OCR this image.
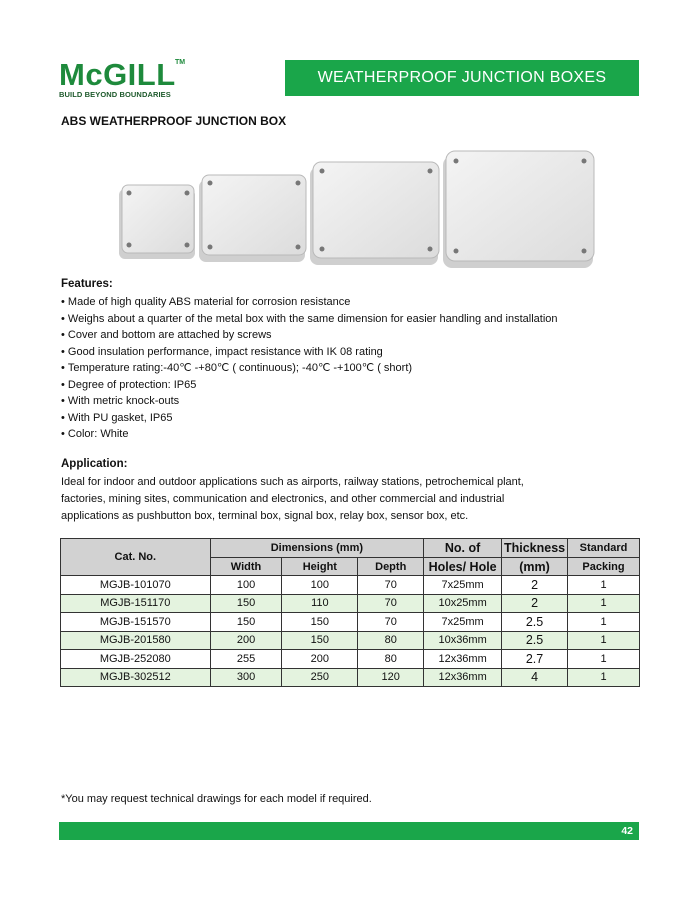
McGILL TM
BUILD BEYOND BOUNDARIES
WEATHERPROOF JUNCTION BOXES
ABS WEATHERPROOF JUNCTION BOX
Features:
• Made of high quality ABS material for corrosion resistance
• Weighs about a quarter of the metal box with the same dimension for easier handling and installation
• Cover and bottom are attached by screws
• Good insulation performance, impact resistance with IK 08 rating
• Temperature rating:-40℃ -+80℃ ( continuous); -40℃ -+100℃ ( short)
• Degree of protection: IP65
• With metric knock-outs
• With PU gasket, IP65
• Color: White
Application:
Ideal for indoor and outdoor applications such as airports, railway stations, petrochemical plant,
factories, mining sites, communication and electronics, and other commercial and industrial
applications as pushbutton box, terminal box, signal box, relay box, sensor box, etc.
Cat. No.	Dimensions (mm)			No. of	Thickness	Standard
	Width	Height	Depth	Holes/ Hole	(mm)	Packing
MGJB-101070	100	100	70	7x25mm	2	1
MGJB-151170	150	110	70	10x25mm	2	1
MGJB-151570	150	150	70	7x25mm	2.5	1
MGJB-201580	200	150	80	10x36mm	2.5	1
MGJB-252080	255	200	80	12x36mm	2.7	1
MGJB-302512	300	250	120	12x36mm	4	1
*You may request technical drawings for each model if required.
42
